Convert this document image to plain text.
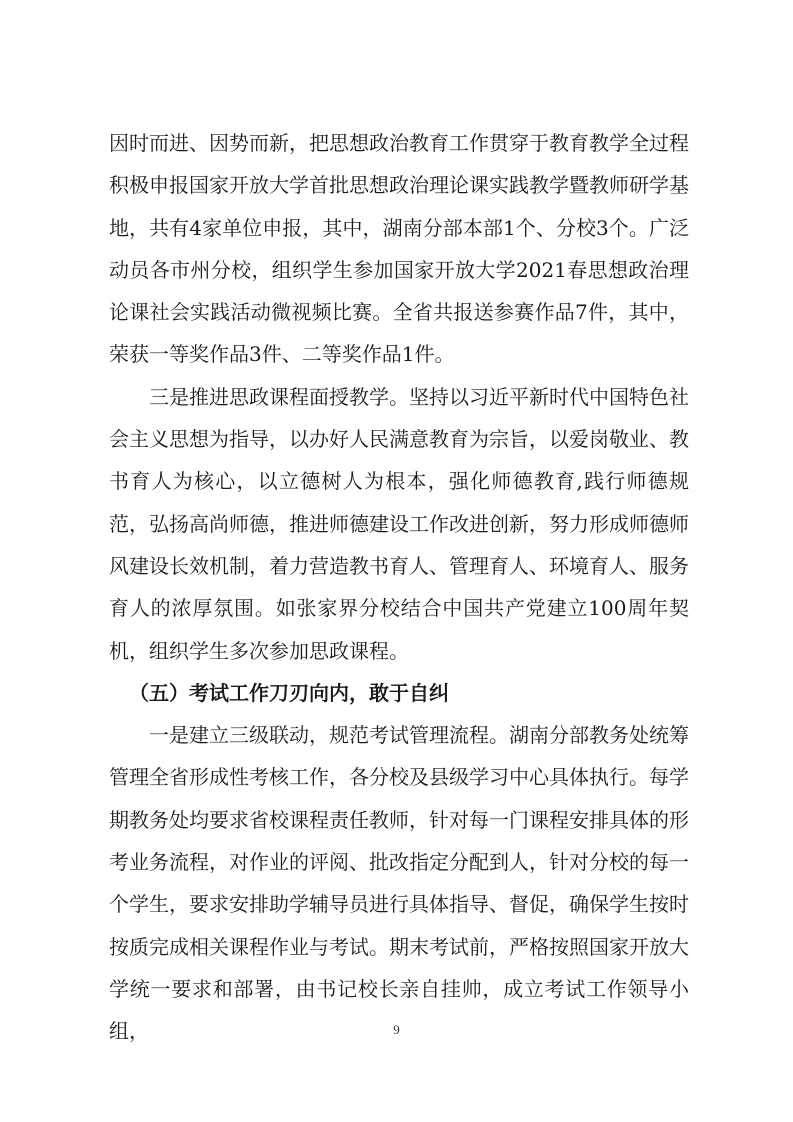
因时而进、因势而新，把思想政治教育工作贯穿于教育教学全过程积极申报国家开放大学首批思想政治理论课实践教学暨教师研学基地，共有4家单位申报，其中，湖南分部本部1个、分校3个。广泛动员各市州分校，组织学生参加国家开放大学2021春思想政治理论课社会实践活动微视频比赛。全省共报送参赛作品7件，其中，荣获一等奖作品3件、二等奖作品1件。

三是推进思政课程面授教学。坚持以习近平新时代中国特色社会主义思想为指导，以办好人民满意教育为宗旨，以爱岗敬业、教书育人为核心，以立德树人为根本，强化师德教育,践行师德规范，弘扬高尚师德，推进师德建设工作改进创新，努力形成师德师风建设长效机制，着力营造教书育人、管理育人、环境育人、服务育人的浓厚氛围。如张家界分校结合中国共产党建立100周年契机，组织学生多次参加思政课程。

（五）考试工作刀刃向内，敢于自纠

一是建立三级联动，规范考试管理流程。湖南分部教务处统筹管理全省形成性考核工作，各分校及县级学习中心具体执行。每学期教务处均要求省校课程责任教师，针对每一门课程安排具体的形考业务流程，对作业的评阅、批改指定分配到人，针对分校的每一个学生，要求安排助学辅导员进行具体指导、督促，确保学生按时按质完成相关课程作业与考试。期末考试前，严格按照国家开放大学统一要求和部署，由书记校长亲自挂帅，成立考试工作领导小组，	9
